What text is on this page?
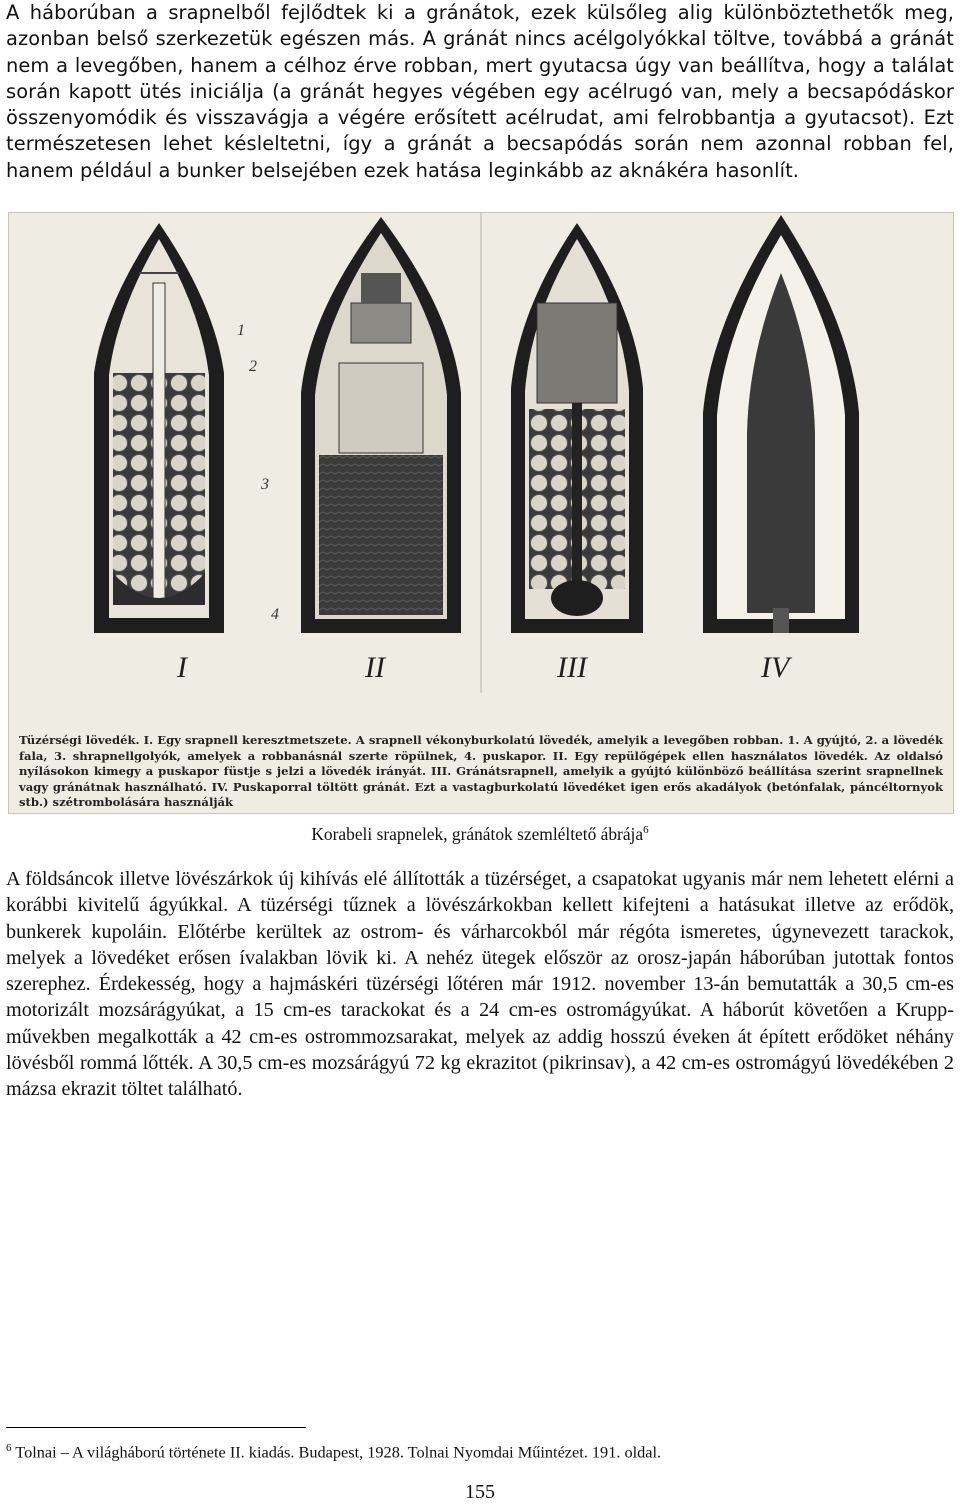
A háborúban a srapnelből fejlődtek ki a gránátok, ezek külsőleg alig különböztethetők meg, azonban belső szerkezetük egészen más. A gránát nincs acélgolyókkal töltve, továbbá a gránát nem a levegőben, hanem a célhoz érve robban, mert gyutacsa úgy van beállítva, hogy a találat során kapott ütés iniciálja (a gránát hegyes végében egy acélrugó van, mely a becsapódáskor összenyomódik és visszavágja a végére erősített acélrudat, ami felrobbantja a gyutacsot). Ezt természetesen lehet késleltetni, így a gránát a becsapódás során nem azonnal robban fel, hanem például a bunker belsejében ezek hatása leginkább az aknákéra hasonlít.

2
1
3
4
I	II	III	IV
Tüzérségi lövedék. I. Egy srapnell keresztmetszete. A srapnell vékonyburkolatú lövedék, amelyik a levegőben robban. 1. A gyújtó, 2. a lövedék fala, 3. shrapnellgolyók, amelyek a robbanásnál szerte röpülnek, 4. puskapor. II. Egy repülőgépek ellen használatos lövedék. Az oldalsó nyílásokon kimegy a puskapor füstje s jelzi a lövedék irányát. III. Gránátsrapnell, amelyik a gyújtó különböző beállítása szerint srapnellnek vagy gránátnak használható. IV. Puskaporral töltött gránát. Ezt a vastagburkolatú lövedéket igen erős akadályok (betónfalak, páncéltornyok stb.) szétrombolására használják
Korabeli srapnelek, gránátok szemléltető ábrája$^6$

A földsáncok illetve lövészárkok új kihívás elé állították a tüzérséget, a csapatokat ugyanis már nem lehetett elérni a korábbi kivitelű ágyúkkal. A tüzérségi tűznek a lövészárkokban kellett kifejteni a hatásukat illetve az erődök, bunkerek kupoláin. Előtérbe kerültek az ostrom- és várharcokból már régóta ismeretes, úgynevezett tarackok, melyek a lövedéket erősen ívalakban lövik ki. A nehéz ütegek először az orosz-japán háborúban jutottak fontos szerephez. Érdekesség, hogy a hajmáskéri tüzérségi lőtéren már 1912. november 13-án bemutatták a 30,5 cm-es motorizált mozsárágyúkat, a 15 cm-es tarackokat és a 24 cm-es ostromágyúkat. A háborút követően a Krupp-művekben megalkották a 42 cm-es ostrommozsarakat, melyek az addig hosszú éveken át épített erődöket néhány lövésből rommá lőtték. A 30,5 cm-es mozsárágyú 72 kg ekrazitot (pikrinsav), a 42 cm-es ostromágyú lövedékében 2 mázsa ekrazit töltet található.

$^6$ Tolnai – A világháború története II. kiadás. Budapest, 1928. Tolnai Nyomdai Műintézet. 191. oldal.
155
